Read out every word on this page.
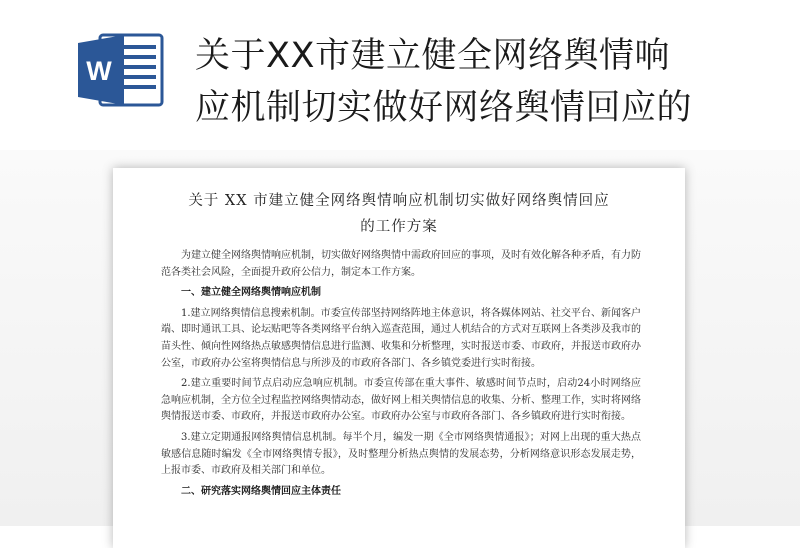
W 关于XX市建立健全网络舆情响
应机制切实做好网络舆情回应的
关于 XX 市建立健全网络舆情响应机制切实做好网络舆情回应
的工作方案

为建立健全网络舆情响应机制，切实做好网络舆情中需政府回应的事项，及时有效化解各种矛盾，有力防范各类社会风险，全面提升政府公信力，制定本工作方案。

一、建立健全网络舆情响应机制

1.建立网络舆情信息搜索机制。市委宣传部坚持网络阵地主体意识，将各媒体网站、社交平台、新闻客户端、即时通讯工具、论坛贴吧等各类网络平台纳入巡查范围，通过人机结合的方式对互联网上各类涉及我市的苗头性、倾向性网络热点敏感舆情信息进行监测、收集和分析整理，实时报送市委、市政府，并报送市政府办公室，市政府办公室将舆情信息与所涉及的市政府各部门、各乡镇党委进行实时衔接。

2.建立重要时间节点启动应急响应机制。市委宣传部在重大事件、敏感时间节点时，启动24小时网络应急响应机制，全方位全过程监控网络舆情动态，做好网上相关舆情信息的收集、分析、整理工作，实时将网络舆情报送市委、市政府，并报送市政府办公室。市政府办公室与市政府各部门、各乡镇政府进行实时衔接。

3.建立定期通报网络舆情信息机制。每半个月，编发一期《全市网络舆情通报》；对网上出现的重大热点敏感信息随时编发《全市网络舆情专报》，及时整理分析热点舆情的发展态势，分析网络意识形态发展走势，上报市委、市政府及相关部门和单位。

二、研究落实网络舆情回应主体责任
